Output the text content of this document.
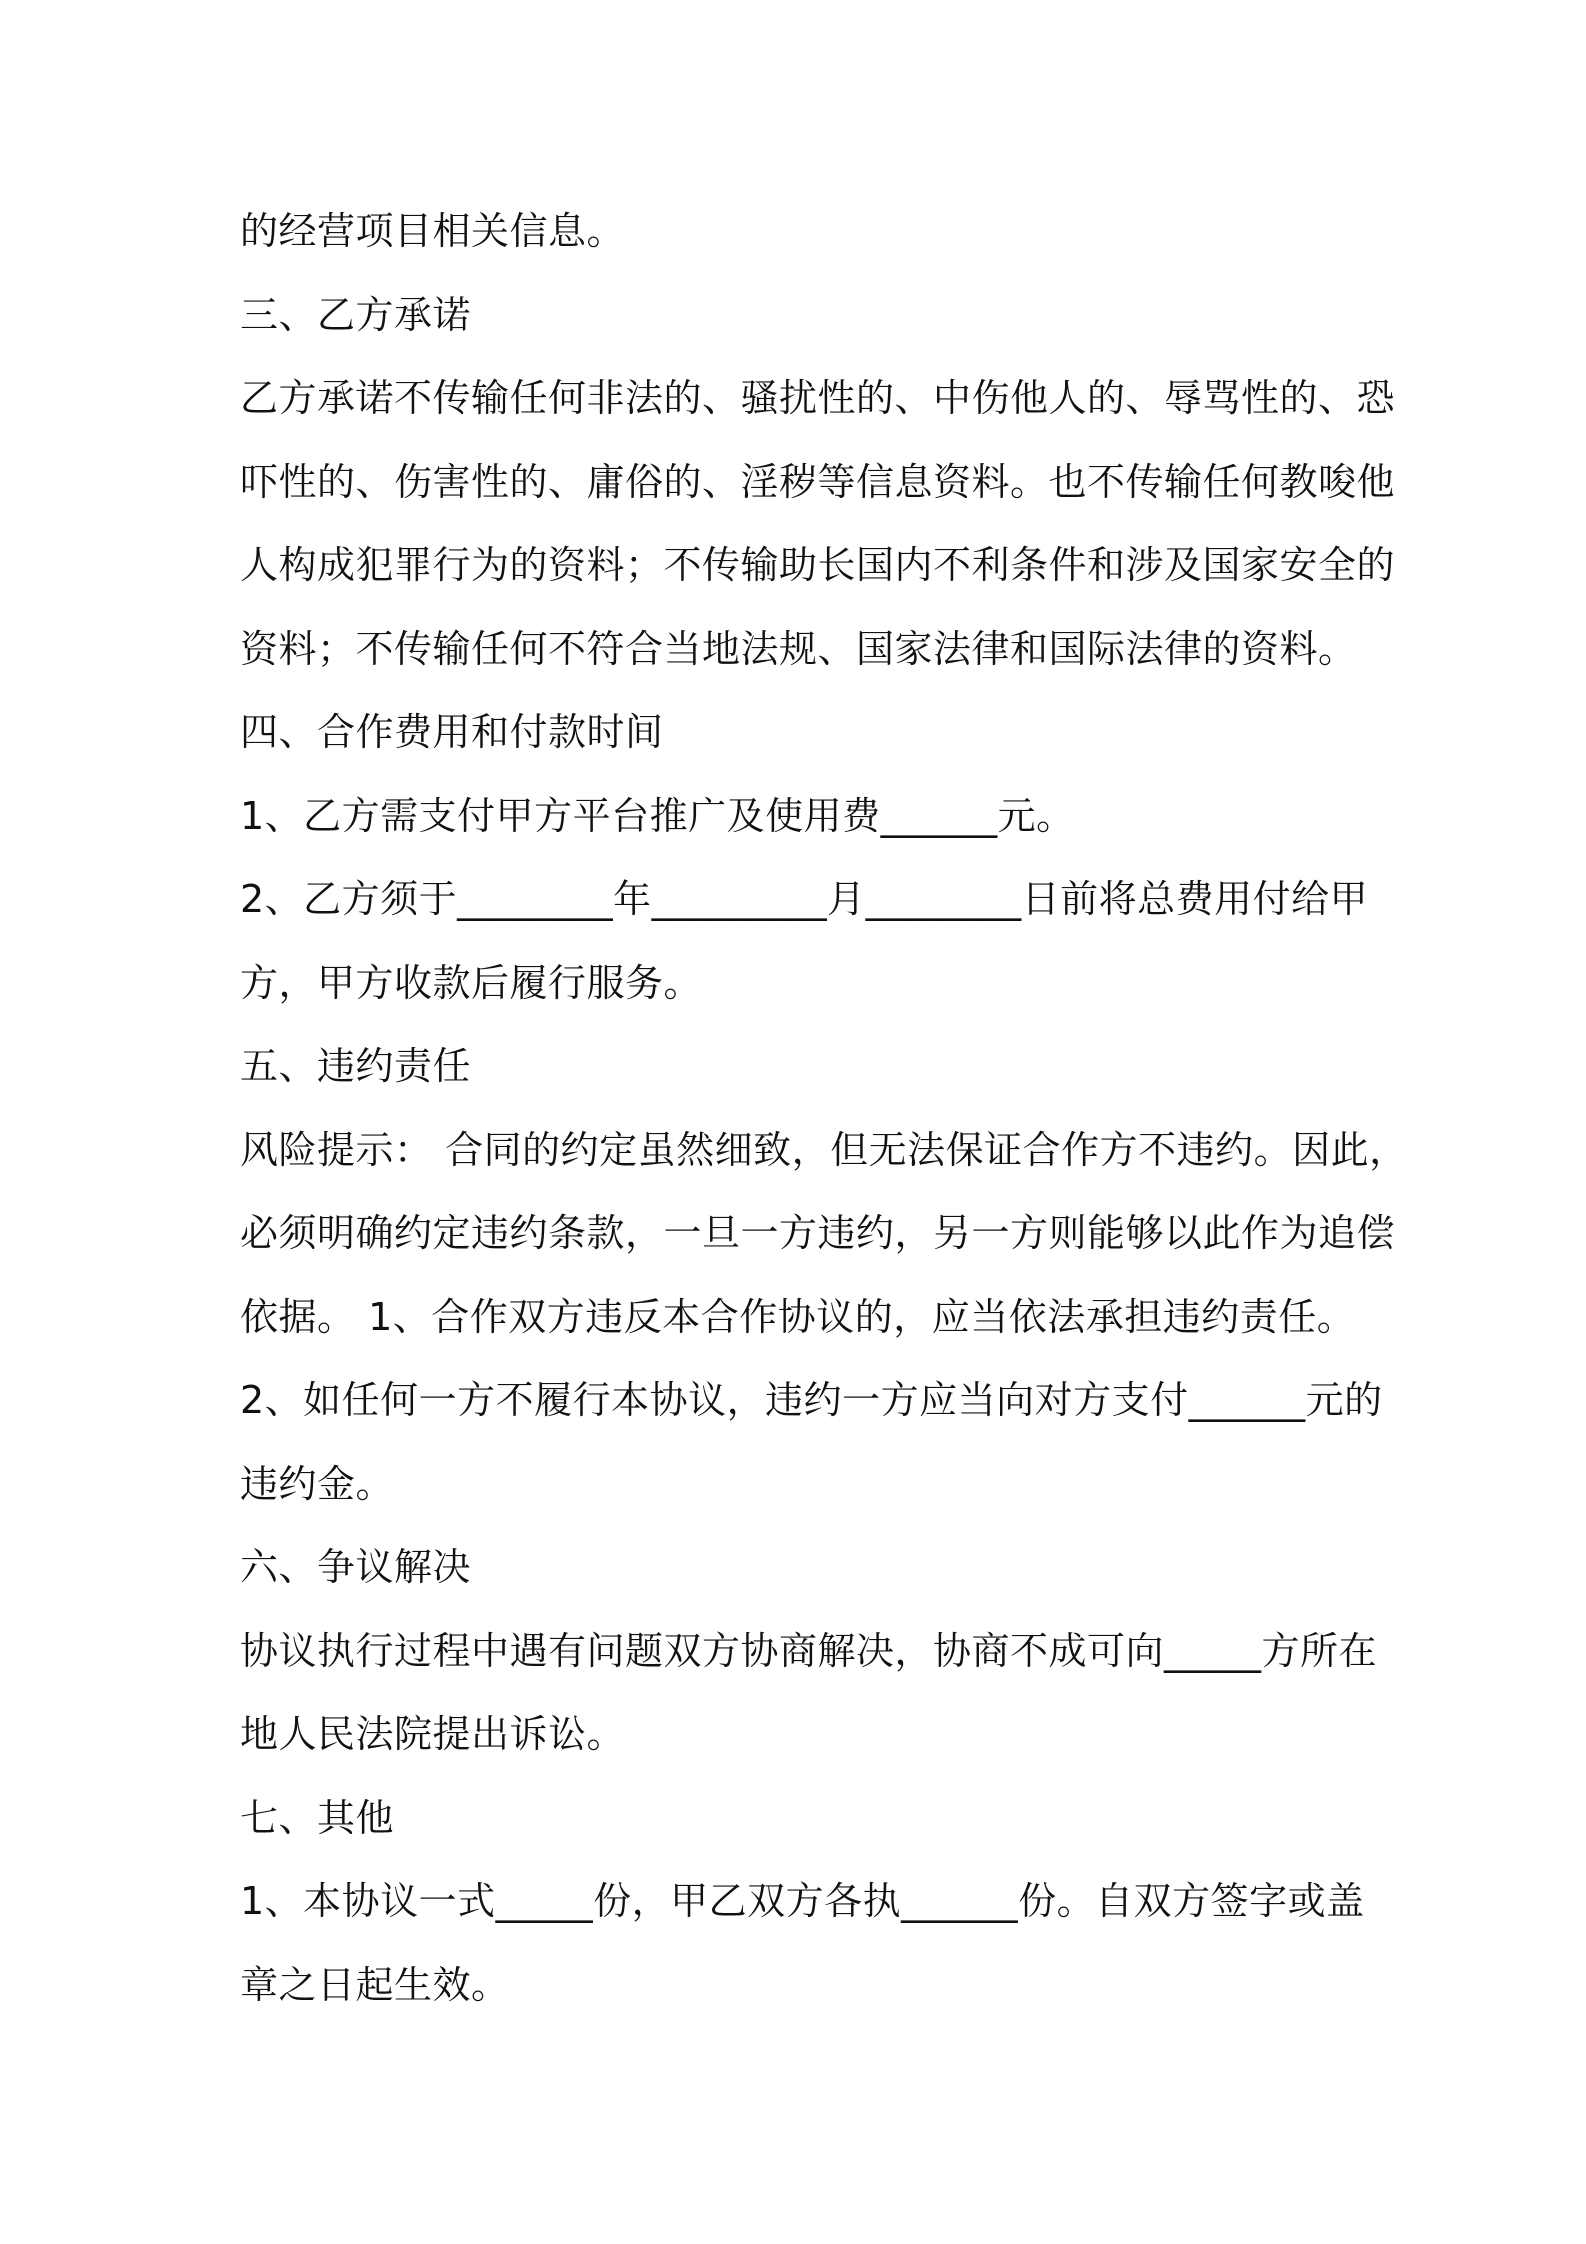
的经营项目相关信息。
三、乙方承诺
乙方承诺不传输任何非法的、骚扰性的、中伤他人的、辱骂性的、恐
吓性的、伤害性的、庸俗的、淫秽等信息资料。也不传输任何教唆他
人构成犯罪行为的资料；不传输助长国内不利条件和涉及国家安全的
资料；不传输任何不符合当地法规、国家法律和国际法律的资料。
四、合作费用和付款时间
1、乙方需支付甲方平台推广及使用费______元。
2、乙方须于________年_________月________日前将总费用付给甲
方，甲方收款后履行服务。
五、违约责任
风险提示： 合同的约定虽然细致，但无法保证合作方不违约。因此，
必须明确约定违约条款，一旦一方违约，另一方则能够以此作为追偿
依据。 1、合作双方违反本合作协议的，应当依法承担违约责任。
2、如任何一方不履行本协议，违约一方应当向对方支付______元的
违约金。
六、争议解决
协议执行过程中遇有问题双方协商解决，协商不成可向_____方所在
地人民法院提出诉讼。
七、其他
1、本协议一式_____份，甲乙双方各执______份。自双方签字或盖
章之日起生效。
